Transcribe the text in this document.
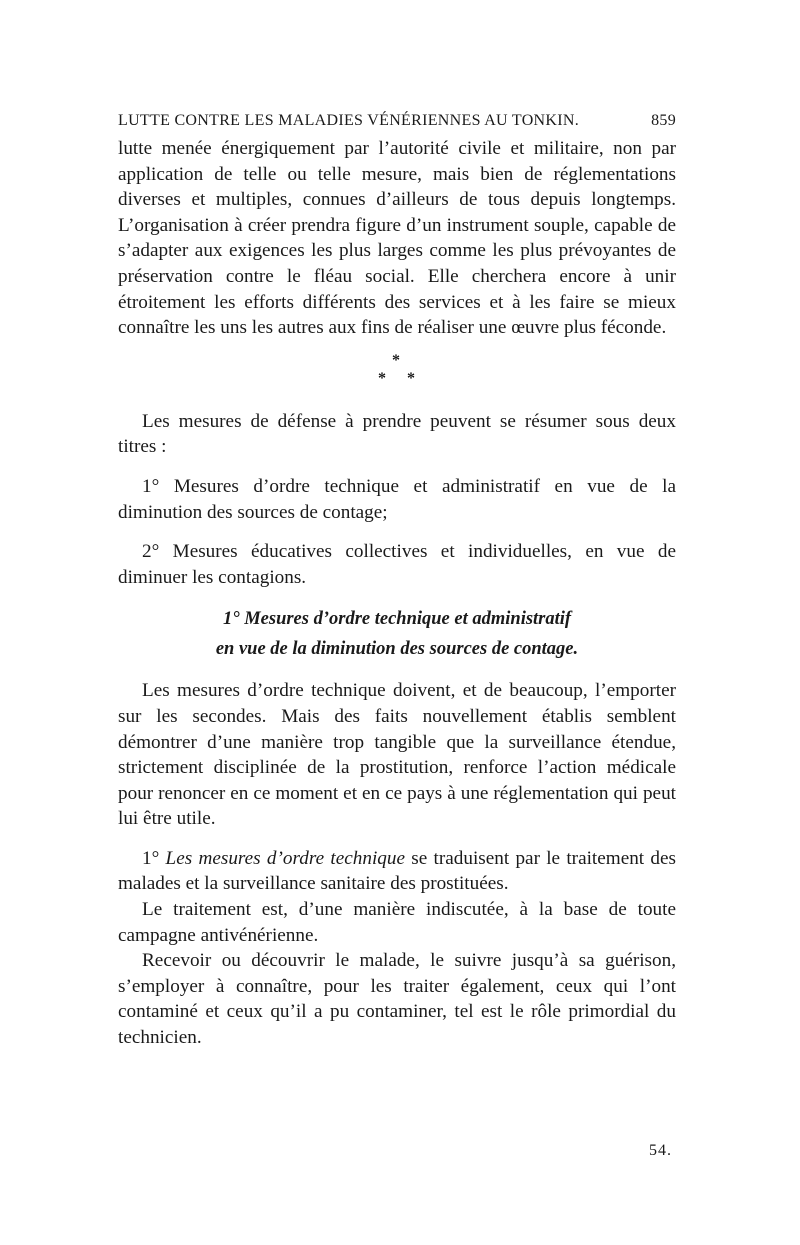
LUTTE CONTRE LES MALADIES VÉNÉRIENNES AU TONKIN.	859

lutte menée énergiquement par l’autorité civile et militaire, non par application de telle ou telle mesure, mais bien de réglementations diverses et multiples, connues d’ailleurs de tous depuis longtemps. L’organisation à créer prendra figure d’un instrument souple, capable de s’adapter aux exigences les plus larges comme les plus prévoyantes de préservation contre le fléau social. Elle cherchera encore à unir étroitement les efforts différents des services et à les faire se mieux connaître les uns les autres aux fins de réaliser une œuvre plus féconde.

*
* *

Les mesures de défense à prendre peuvent se résumer sous deux titres :

1° Mesures d’ordre technique et administratif en vue de la diminution des sources de contage;

2° Mesures éducatives collectives et individuelles, en vue de diminuer les contagions.

1° Mesures d’ordre technique et administratif
en vue de la diminution des sources de contage.

Les mesures d’ordre technique doivent, et de beaucoup, l’emporter sur les secondes. Mais des faits nouvellement établis semblent démontrer d’une manière trop tangible que la surveillance étendue, strictement disciplinée de la prostitution, renforce l’action médicale pour renoncer en ce moment et en ce pays à une réglementation qui peut lui être utile.

1° Les mesures d’ordre technique se traduisent par le traitement des malades et la surveillance sanitaire des prostituées.

Le traitement est, d’une manière indiscutée, à la base de toute campagne antivénérienne.

Recevoir ou découvrir le malade, le suivre jusqu’à sa guérison, s’employer à connaître, pour les traiter également, ceux qui l’ont contaminé et ceux qu’il a pu contaminer, tel est le rôle primordial du technicien.

54.
